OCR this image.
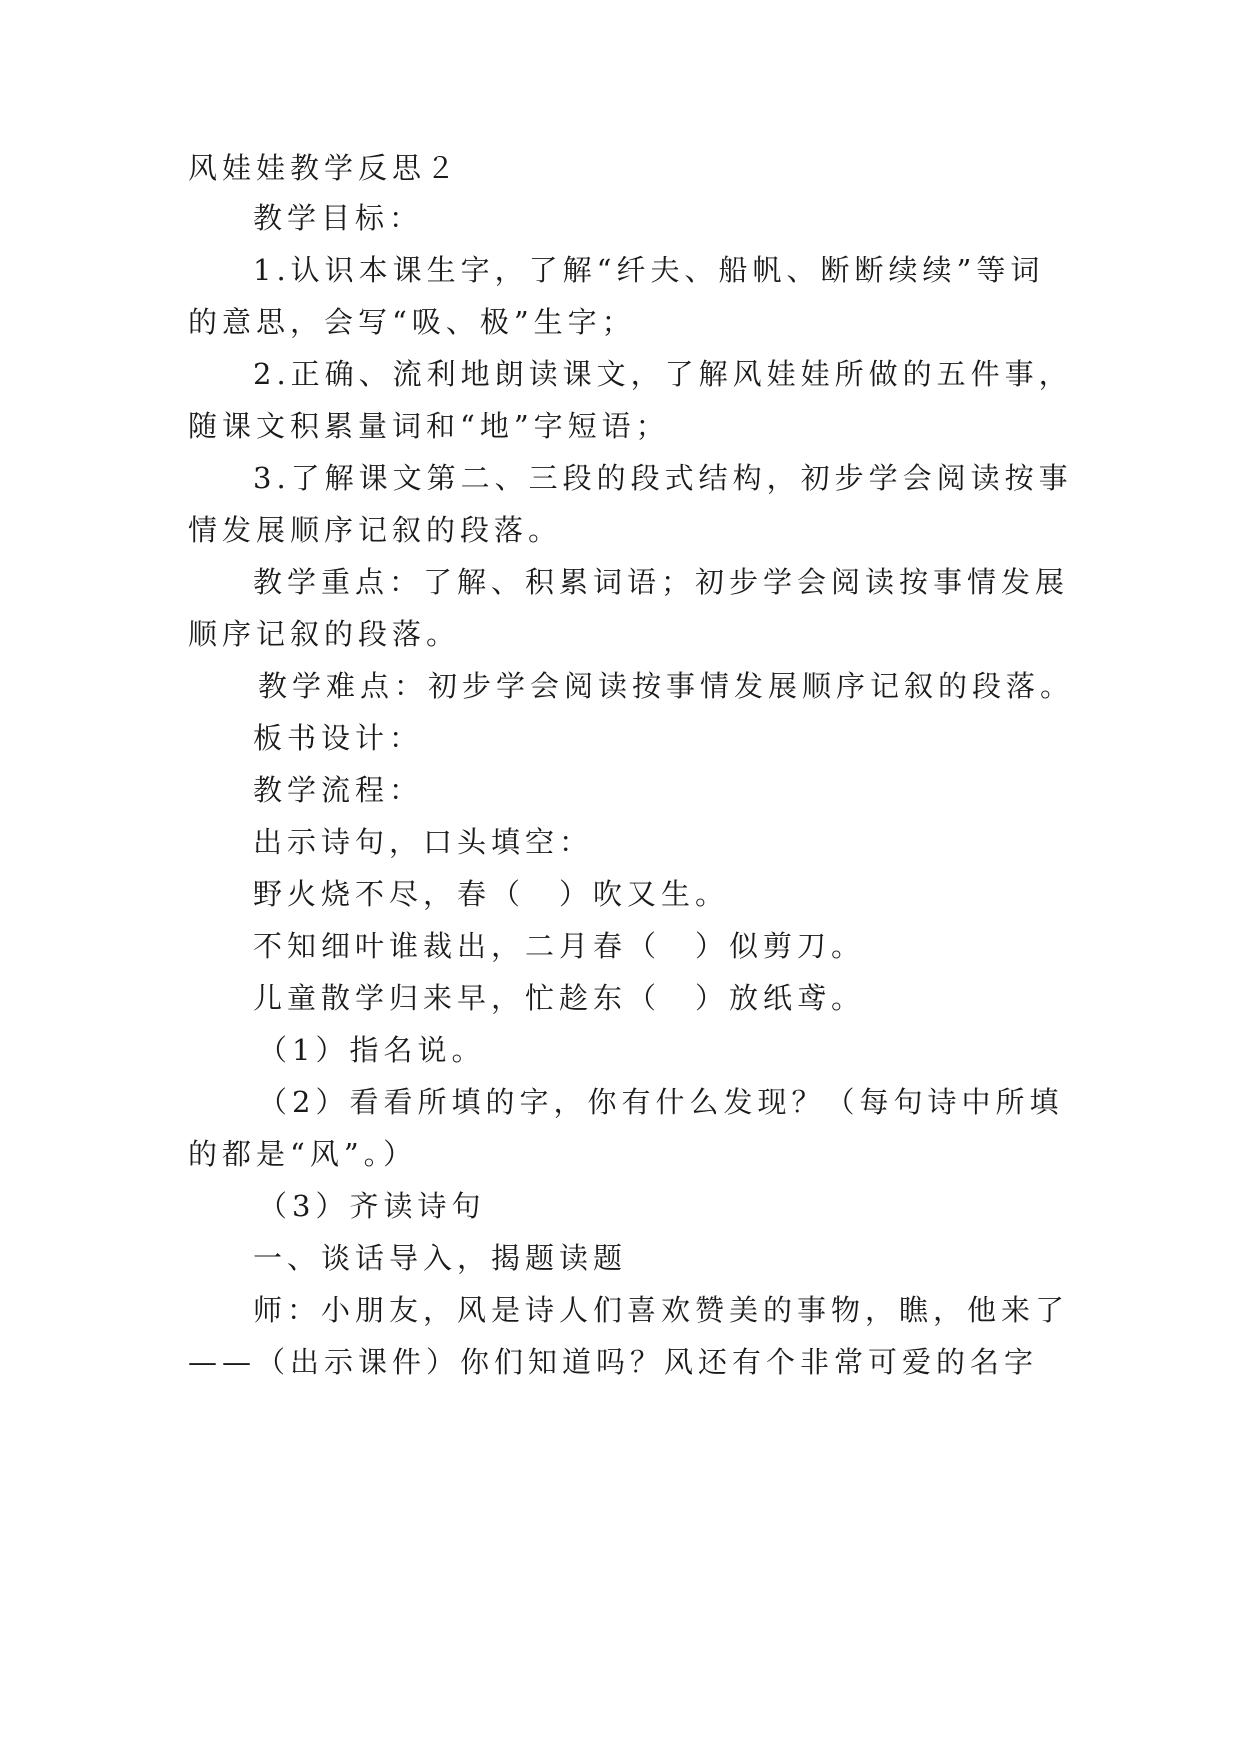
风娃娃教学反思２
教学目标：
1.认识本课生字，了解“纤夫、船帆、断断续续”等词
的意思，会写“吸、极”生字；
2.正确、流利地朗读课文，了解风娃娃所做的五件事，
随课文积累量词和“地”字短语；
3.了解课文第二、三段的段式结构，初步学会阅读按事
情发展顺序记叙的段落。
教学重点：了解、积累词语；初步学会阅读按事情发展
顺序记叙的段落。
教学难点：初步学会阅读按事情发展顺序记叙的段落。
板书设计：
教学流程：
出示诗句，口头填空：
野火烧不尽，春（　）吹又生。
不知细叶谁裁出，二月春（　）似剪刀。
儿童散学归来早，忙趁东（　）放纸鸢。
（1）指名说。
（2）看看所填的字，你有什么发现？（每句诗中所填
的都是“风”。）
（3）齐读诗句
一、谈话导入，揭题读题
师：小朋友，风是诗人们喜欢赞美的事物，瞧，他来了
——（出示课件）你们知道吗？风还有个非常可爱的名字
